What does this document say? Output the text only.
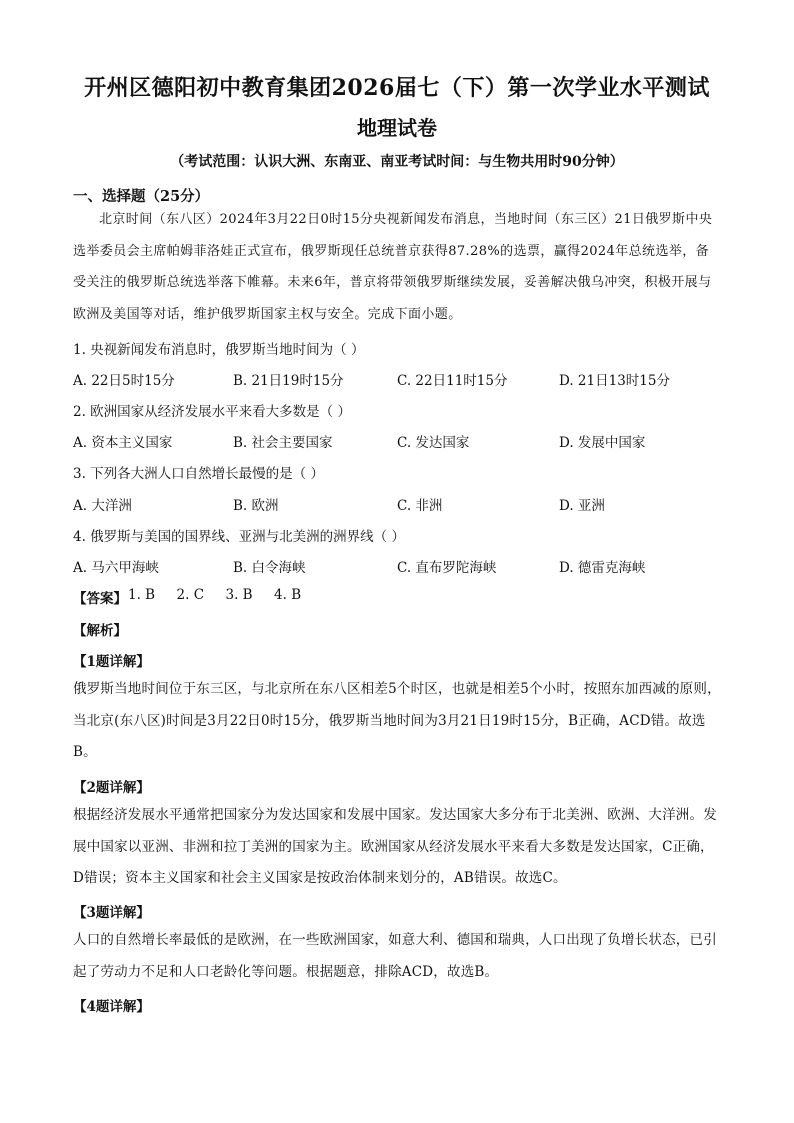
开州区德阳初中教育集团2026届七（下）第一次学业水平测试
地理试卷
（考试范围：认识大洲、东南亚、南亚考试时间：与生物共用时90分钟）
一、选择题（25分）
北京时间（东八区）2024年3月22日0时15分央视新闻发布消息，当地时间（东三区）21日俄罗斯中央选举委员会主席帕姆菲洛娃正式宣布，俄罗斯现任总统普京获得87.28%的选票，赢得2024年总统选举，备受关注的俄罗斯总统选举落下帷幕。未来6年，普京将带领俄罗斯继续发展，妥善解决俄乌冲突，积极开展与欧洲及美国等对话，维护俄罗斯国家主权与安全。完成下面小题。
1. 央视新闻发布消息时，俄罗斯当地时间为（ ）
A. 22日5时15分	B. 21日19时15分	C. 22日11时15分	D. 21日13时15分
2. 欧洲国家从经济发展水平来看大多数是（ ）
A. 资本主义国家	B. 社会主要国家	C. 发达国家	D. 发展中国家
3. 下列各大洲人口自然增长最慢的是（ ）
A. 大洋洲	B. 欧洲	C. 非洲	D. 亚洲
4. 俄罗斯与美国的国界线、亚洲与北美洲的洲界线（ ）
A. 马六甲海峡	B. 白令海峡	C. 直布罗陀海峡	D. 德雷克海峡
【答案】 1. B     2. C     3. B     4. B
【解析】
【1题详解】
俄罗斯当地时间位于东三区，与北京所在东八区相差5个时区，也就是相差5个小时，按照东加西减的原则，当北京(东八区)时间是3月22日0时15分，俄罗斯当地时间为3月21日19时15分，B正确，ACD错。故选B。
【2题详解】
根据经济发展水平通常把国家分为发达国家和发展中国家。发达国家大多分布于北美洲、欧洲、大洋洲。发展中国家以亚洲、非洲和拉丁美洲的国家为主。欧洲国家从经济发展水平来看大多数是发达国家，C正确，D错误；资本主义国家和社会主义国家是按政治体制来划分的，AB错误。故选C。
【3题详解】
人口的自然增长率最低的是欧洲，在一些欧洲国家，如意大利、德国和瑞典，人口出现了负增长状态，已引起了劳动力不足和人口老龄化等问题。根据题意，排除ACD，故选B。
【4题详解】
